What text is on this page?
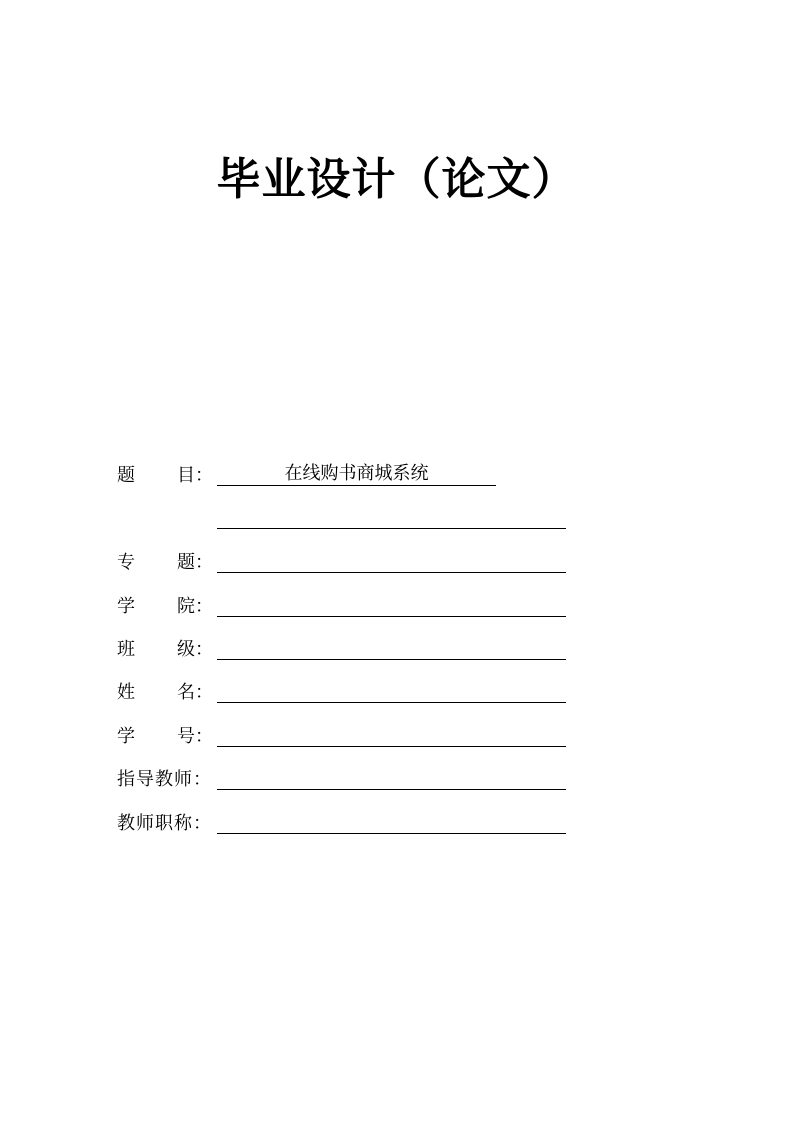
毕业设计（论文）
题 目：	在线购书商城系统
专 题：
学 院：
班 级：
姓 名：
学 号：
指导教师：
教师职称：
